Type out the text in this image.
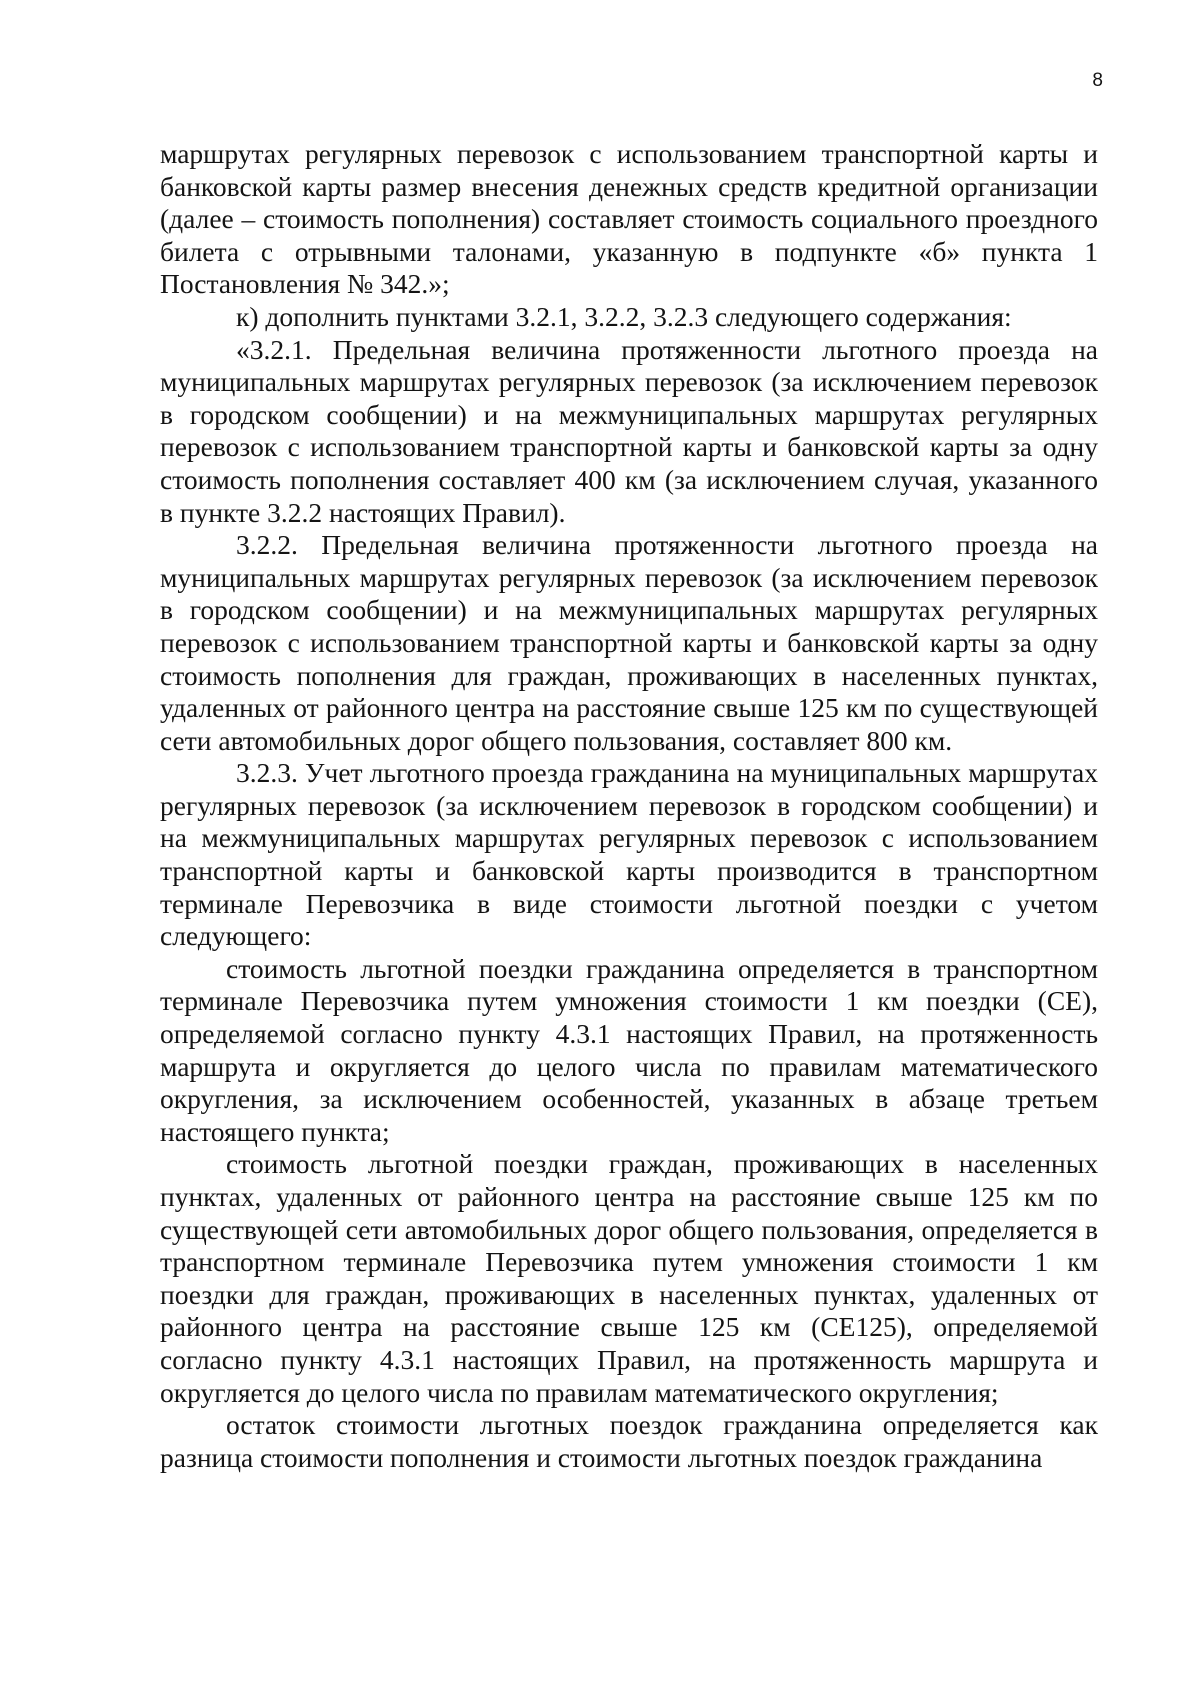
8

маршрутах регулярных перевозок с использованием транспортной карты и банковской карты размер внесения денежных средств кредитной организации (далее – стоимость пополнения) составляет стоимость социального проездного билета с отрывными талонами, указанную в подпункте «б» пункта 1 Постановления № 342.»;

к) дополнить пунктами 3.2.1, 3.2.2, 3.2.3 следующего содержания:

«3.2.1. Предельная величина протяженности льготного проезда на муниципальных маршрутах регулярных перевозок (за исключением перевозок в городском сообщении) и на межмуниципальных маршрутах регулярных перевозок с использованием транспортной карты и банковской карты за одну стоимость пополнения составляет 400 км (за исключением случая, указанного в пункте 3.2.2 настоящих Правил).

3.2.2. Предельная величина протяженности льготного проезда на муниципальных маршрутах регулярных перевозок (за исключением перевозок в городском сообщении) и на межмуниципальных маршрутах регулярных перевозок с использованием транспортной карты и банковской карты за одну стоимость пополнения для граждан, проживающих в населенных пунктах, удаленных от районного центра на расстояние свыше 125 км по существующей сети автомобильных дорог общего пользования, составляет 800 км.

3.2.3. Учет льготного проезда гражданина на муниципальных маршрутах регулярных перевозок (за исключением перевозок в городском сообщении) и на межмуниципальных маршрутах регулярных перевозок с использованием транспортной карты и банковской карты производится в транспортном терминале Перевозчика в виде стоимости льготной поездки с учетом следующего:

стоимость льготной поездки гражданина определяется в транспортном терминале Перевозчика путем умножения стоимости 1 км поездки (CE), определяемой согласно пункту 4.3.1 настоящих Правил, на протяженность маршрута и округляется до целого числа по правилам математического округления, за исключением особенностей, указанных в абзаце третьем настоящего пункта;

стоимость льготной поездки граждан, проживающих в населенных пунктах, удаленных от районного центра на расстояние свыше 125 км по существующей сети автомобильных дорог общего пользования, определяется в транспортном терминале Перевозчика путем умножения стоимости 1 км поездки для граждан, проживающих в населенных пунктах, удаленных от районного центра на расстояние свыше 125 км (CE125), определяемой согласно пункту 4.3.1 настоящих Правил, на протяженность маршрута и округляется до целого числа по правилам математического округления;

остаток стоимости льготных поездок гражданина определяется как разница стоимости пополнения и стоимости льготных поездок гражданина
